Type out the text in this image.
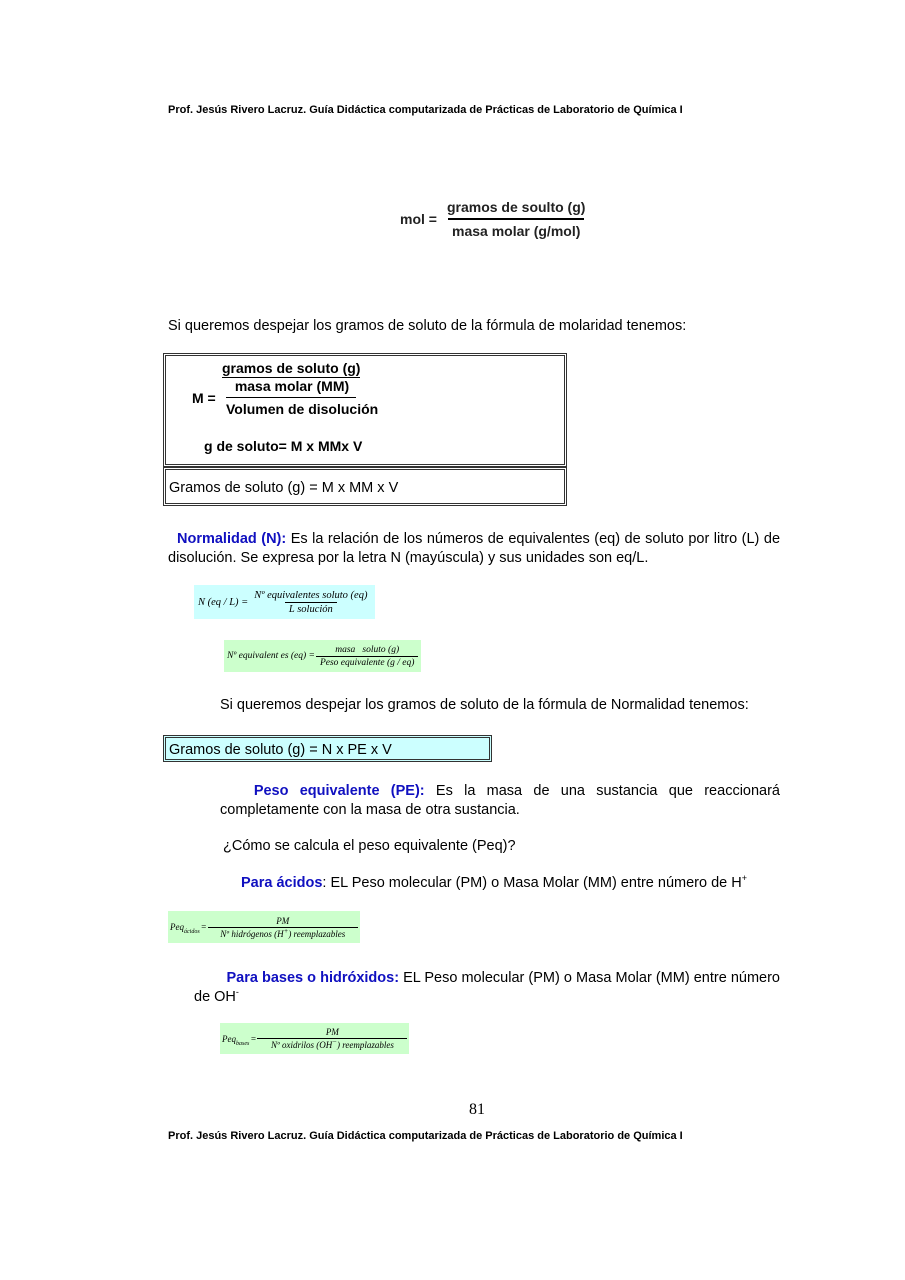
Prof. Jesús Rivero Lacruz. Guía Didáctica computarizada de Prácticas de Laboratorio de Química I
mol = $\frac{\text{gramos de soulto (g)}}{\text{masa molar (g/mol)}}$
Si queremos despejar los gramos de soluto de la fórmula de molaridad tenemos:
gramos de soluto (g)
M =
masa molar (MM)
Volumen de disolución
g de soluto= M x MMx V
Gramos de soluto (g) = M x MM x V
Normalidad (N): Es la relación de los números de equivalentes (eq) de soluto por litro (L) de disolución. Se expresa por la letra N (mayúscula) y sus unidades son eq/L.
N $(eq / L) = \frac{\text{Nº equivalentes soluto (eq)}}{\text{L solución}}$
Nº equivalent es $(eq) = \frac{\text{masa   soluto (g)}}{\text{Peso equivalente (g / eq)}}$
Si queremos despejar los gramos de soluto de la fórmula de Normalidad tenemos:
Gramos de soluto (g) = N x PE x V
Peso equivalente (PE): Es la masa de una sustancia que reaccionará completamente con la masa de otra sustancia.
¿Cómo se calcula el peso equivalente (Peq)?
Para ácidos: EL Peso molecular (PM) o Masa Molar (MM) entre número de H+
$Peq_{ácidos} = \frac{PM}{Nº hidrógenos (H^+) reemplazables}$
Para bases o hidróxidos: EL Peso molecular (PM) o Masa Molar (MM) entre número de OH-
$Peq_{bases} = \frac{PM}{Nº oxidrilos (OH^-) reemplazables}$
81
Prof. Jesús Rivero Lacruz. Guía Didáctica computarizada de Prácticas de Laboratorio de Química I
